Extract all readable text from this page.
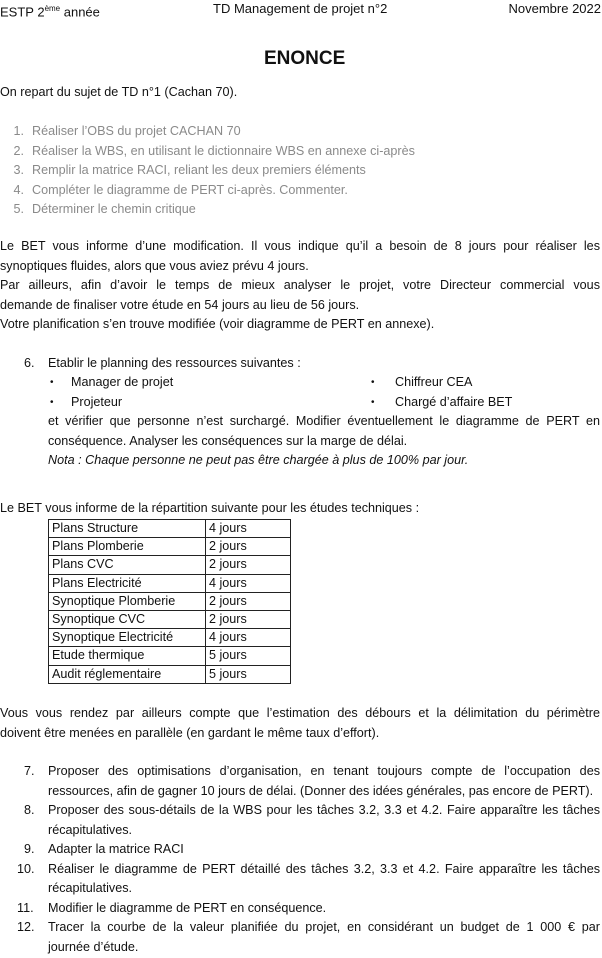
ESTP 2ème année	TD Management de projet n°2	Novembre 2022
ENONCE
On repart du sujet de TD n°1 (Cachan 70).
1. Réaliser l’OBS du projet CACHAN 70
2. Réaliser la WBS, en utilisant le dictionnaire WBS en annexe ci-après
3. Remplir la matrice RACI, reliant les deux premiers éléments
4. Compléter le diagramme de PERT ci-après. Commenter.
5. Déterminer le chemin critique
Le BET vous informe d’une modification. Il vous indique qu’il a besoin de 8 jours pour réaliser les
synoptiques fluides, alors que vous aviez prévu 4 jours.
Par ailleurs, afin d’avoir le temps de mieux analyser le projet, votre Directeur commercial vous
demande de finaliser votre étude en 54 jours au lieu de 56 jours.
Votre planification s’en trouve modifiée (voir diagramme de PERT en annexe).
6. Etablir le planning des ressources suivantes :
• Manager de projet	• Chiffreur CEA
• Projeteur	• Chargé d’affaire BET
et vérifier que personne n’est surchargé. Modifier éventuellement le diagramme de PERT en
conséquence. Analyser les conséquences sur la marge de délai.
Nota : Chaque personne ne peut pas être chargée à plus de 100% par jour.
Le BET vous informe de la répartition suivante pour les études techniques :
Plans Structure	4 jours
Plans Plomberie	2 jours
Plans CVC	2 jours
Plans Electricité	4 jours
Synoptique Plomberie	2 jours
Synoptique CVC	2 jours
Synoptique Electricité	4 jours
Etude thermique	5 jours
Audit réglementaire	5 jours
Vous vous rendez par ailleurs compte que l’estimation des débours et la délimitation du périmètre
doivent être menées en parallèle (en gardant le même taux d’effort).
7. Proposer des optimisations d’organisation, en tenant toujours compte de l’occupation des
ressources, afin de gagner 10 jours de délai. (Donner des idées générales, pas encore de PERT).
8. Proposer des sous-détails de la WBS pour les tâches 3.2, 3.3 et 4.2. Faire apparaître les tâches
récapitulatives.
9. Adapter la matrice RACI
10. Réaliser le diagramme de PERT détaillé des tâches 3.2, 3.3 et 4.2. Faire apparaître les tâches
récapitulatives.
11. Modifier le diagramme de PERT en conséquence.
12. Tracer la courbe de la valeur planifiée du projet, en considérant un budget de 1 000 € par
journée d’étude.
